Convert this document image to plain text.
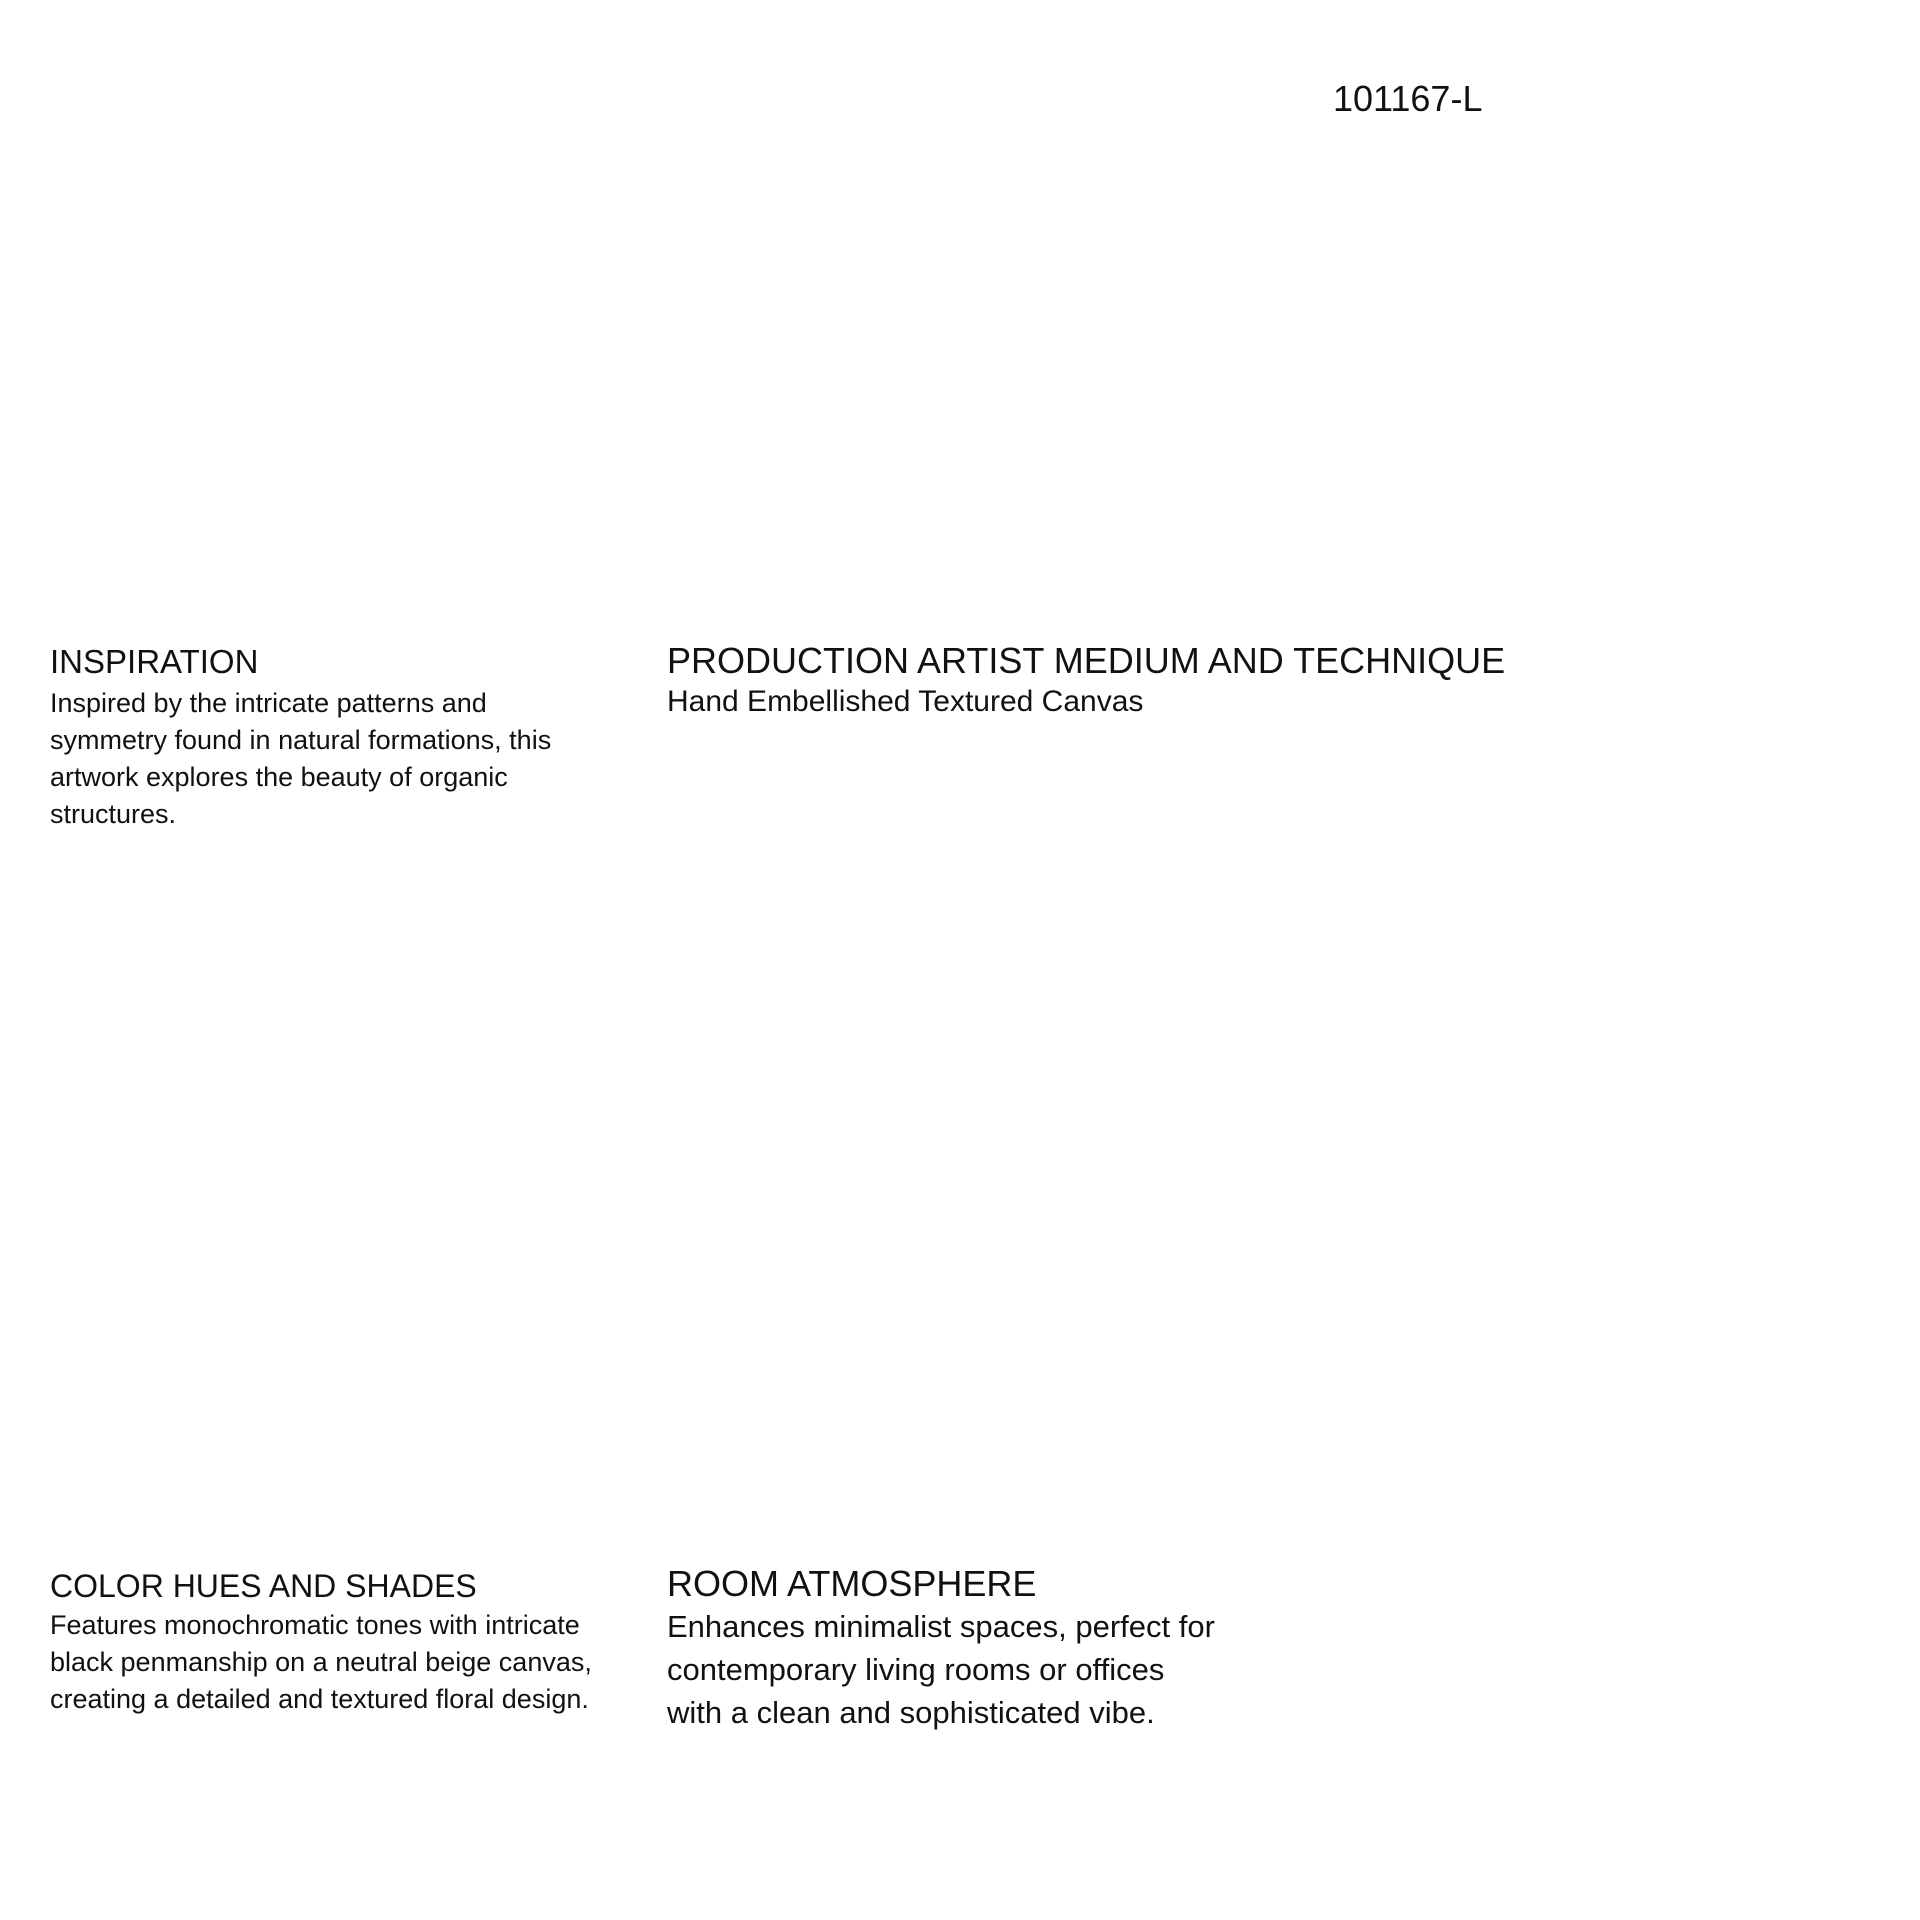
101167-L
INSPIRATION
Inspired by the intricate patterns and
symmetry found in natural formations, this
artwork explores the beauty of organic
structures.
PRODUCTION ARTIST MEDIUM AND TECHNIQUE
Hand Embellished Textured Canvas
COLOR HUES AND SHADES
Features monochromatic tones with intricate
black penmanship on a neutral beige canvas,
creating a detailed and textured floral design.
ROOM ATMOSPHERE
Enhances minimalist spaces, perfect for
contemporary living rooms or offices
with a clean and sophisticated vibe.
